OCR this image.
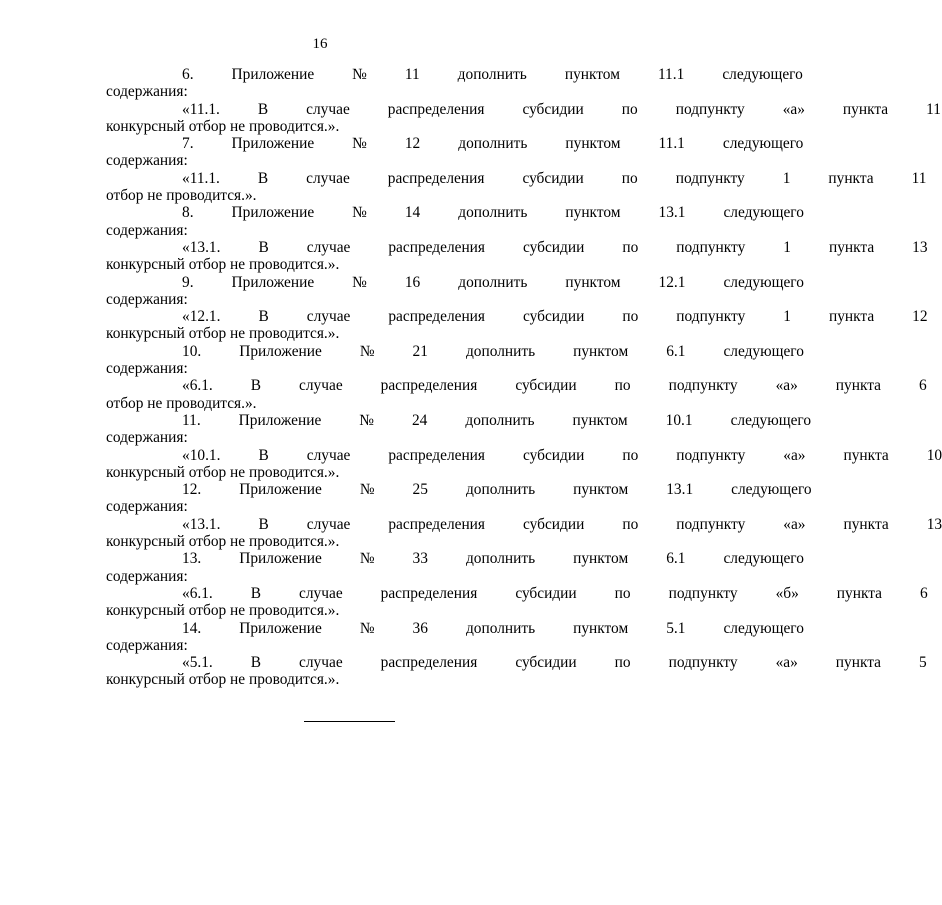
16
6.	Приложение	№	11	дополнить	пунктом	11.1	следующего
содержания:
«11.1.	В	случае	распределения	субсидии	по	подпункту	«а»	пункта	11
конкурсный отбор не проводится.».
7.	Приложение	№	12	дополнить	пунктом	11.1	следующего
содержания:
«11.1.	В	случае	распределения	субсидии	по	подпункту	1	пункта	11
отбор не проводится.».
8.	Приложение	№	14	дополнить	пунктом	13.1	следующего
содержания:
«13.1.	В	случае	распределения	субсидии	по	подпункту	1	пункта	13
конкурсный отбор не проводится.».
9.	Приложение	№	16	дополнить	пунктом	12.1	следующего
содержания:
«12.1.	В	случае	распределения	субсидии	по	подпункту	1	пункта	12
конкурсный отбор не проводится.».
10.	Приложение	№	21	дополнить	пунктом	6.1	следующего
содержания:
«6.1.	В	случае	распределения	субсидии	по	подпункту	«а»	пункта	6
отбор не проводится.».
11.	Приложение	№	24	дополнить	пунктом	10.1	следующего
содержания:
«10.1.	В	случае	распределения	субсидии	по	подпункту	«а»	пункта	10
конкурсный отбор не проводится.».
12.	Приложение	№	25	дополнить	пунктом	13.1	следующего
содержания:
«13.1.	В	случае	распределения	субсидии	по	подпункту	«а»	пункта	13
конкурсный отбор не проводится.».
13.	Приложение	№	33	дополнить	пунктом	6.1	следующего
содержания:
«6.1.	В	случае	распределения	субсидии	по	подпункту	«б»	пункта	6
конкурсный отбор не проводится.».
14.	Приложение	№	36	дополнить	пунктом	5.1	следующего
содержания:
«5.1.	В	случае	распределения	субсидии	по	подпункту	«а»	пункта	5
конкурсный отбор не проводится.».
